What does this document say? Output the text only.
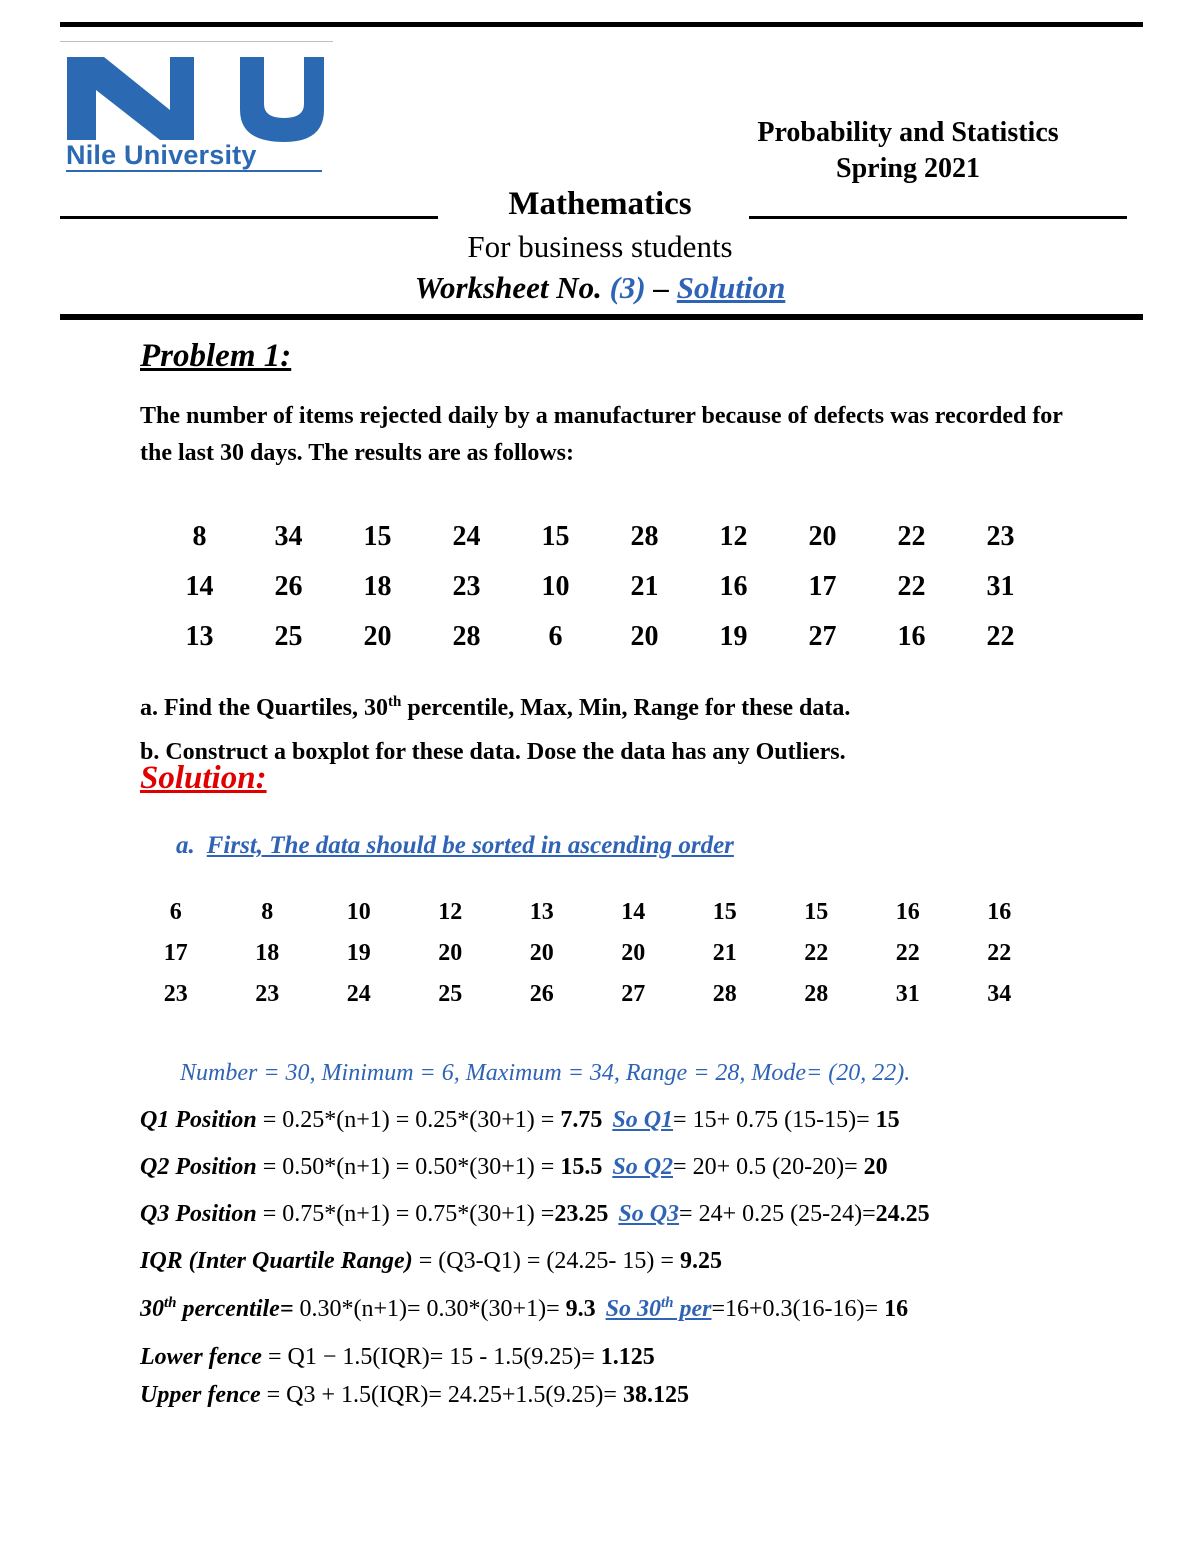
Nile University
Probability and Statistics
Spring 2021
Mathematics
For business students
Worksheet No. (3) – Solution
Problem 1:
The number of items rejected daily by a manufacturer because of defects was recorded for the last 30 days. The results are as follows:
8	34	15	24	15	28	12	20	22	23
14	26	18	23	10	21	16	17	22	31
13	25	20	28	6	20	19	27	16	22
a. Find the Quartiles, 30th percentile, Max, Min, Range for these data.
b. Construct a boxplot for these data. Dose the data has any Outliers.
Solution:
a. First, The data should be sorted in ascending order
6	8	10	12	13	14	15	15	16	16
17	18	19	20	20	20	21	22	22	22
23	23	24	25	26	27	28	28	31	34
Number = 30, Minimum = 6, Maximum = 34, Range = 28, Mode= (20, 22).
Q1 Position = 0.25*(n+1) = 0.25*(30+1) = 7.75 So Q1= 15+ 0.75 (15-15)= 15
Q2 Position = 0.50*(n+1) = 0.50*(30+1) = 15.5 So Q2= 20+ 0.5 (20-20)= 20
Q3 Position = 0.75*(n+1) = 0.75*(30+1) =23.25 So Q3= 24+ 0.25 (25-24)=24.25
IQR (Inter Quartile Range) = (Q3-Q1) = (24.25- 15) = 9.25
30th percentile= 0.30*(n+1)= 0.30*(30+1)= 9.3 So 30th per=16+0.3(16-16)= 16
Lower fence = Q1 − 1.5(IQR)= 15 - 1.5(9.25)= 1.125
Upper fence = Q3 + 1.5(IQR)= 24.25+1.5(9.25)= 38.125
